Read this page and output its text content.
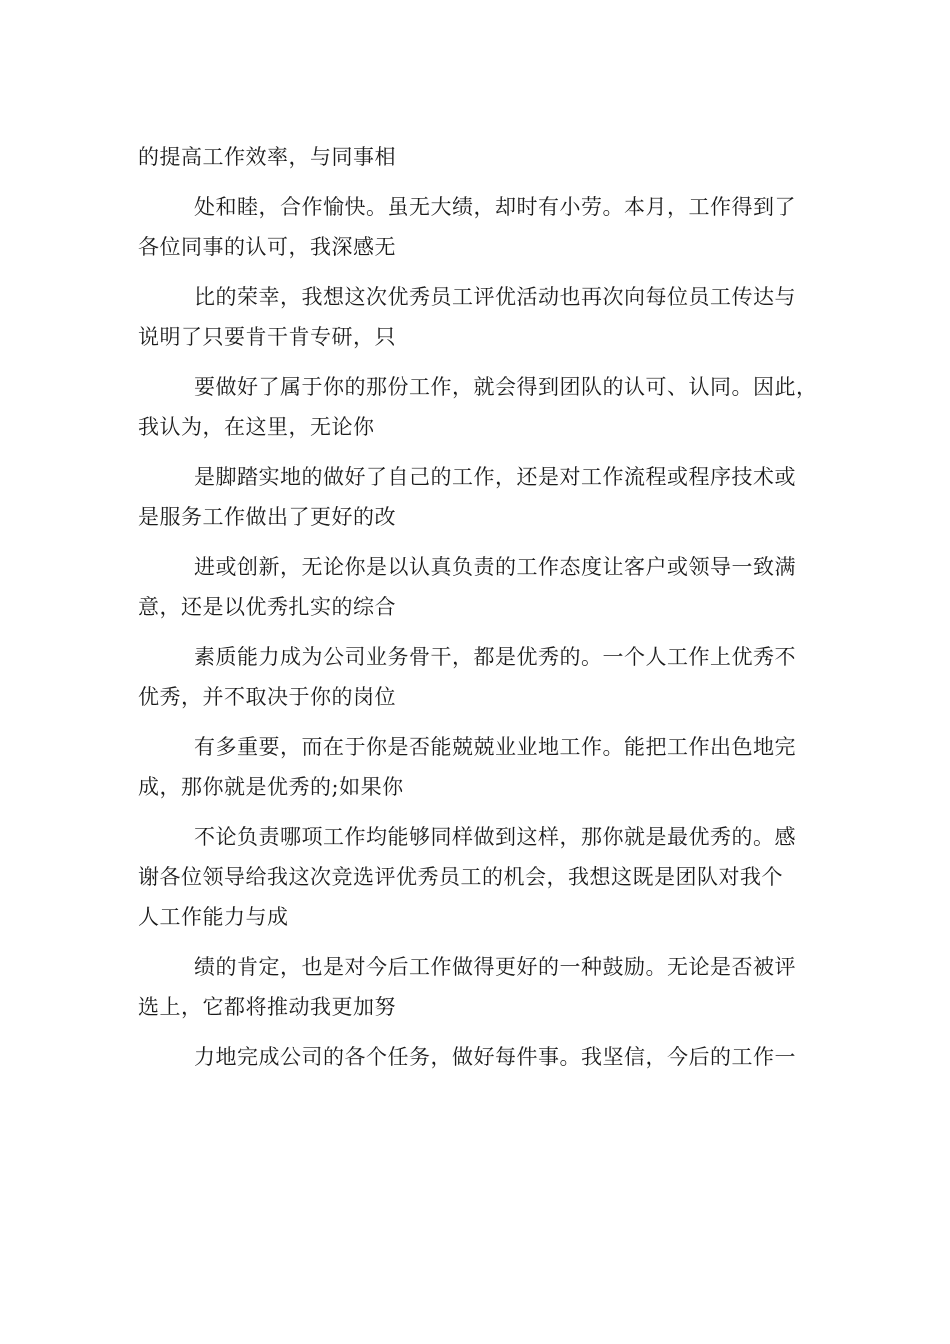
的提高工作效率，与同事相

处和睦，合作愉快。虽无大绩，却时有小劳。本月，工作得到了
各位同事的认可，我深感无

比的荣幸，我想这次优秀员工评优活动也再次向每位员工传达与
说明了只要肯干肯专研，只

要做好了属于你的那份工作，就会得到团队的认可、认同。因此，
我认为，在这里，无论你

是脚踏实地的做好了自己的工作，还是对工作流程或程序技术或
是服务工作做出了更好的改

进或创新，无论你是以认真负责的工作态度让客户或领导一致满
意，还是以优秀扎实的综合

素质能力成为公司业务骨干，都是优秀的。一个人工作上优秀不
优秀，并不取决于你的岗位

有多重要，而在于你是否能兢兢业业地工作。能把工作出色地完
成，那你就是优秀的;如果你

不论负责哪项工作均能够同样做到这样，那你就是最优秀的。感
谢各位领导给我这次竞选评优秀员工的机会，我想这既是团队对我个
人工作能力与成

绩的肯定，也是对今后工作做得更好的一种鼓励。无论是否被评
选上，它都将推动我更加努

力地完成公司的各个任务，做好每件事。我坚信，今后的工作一
